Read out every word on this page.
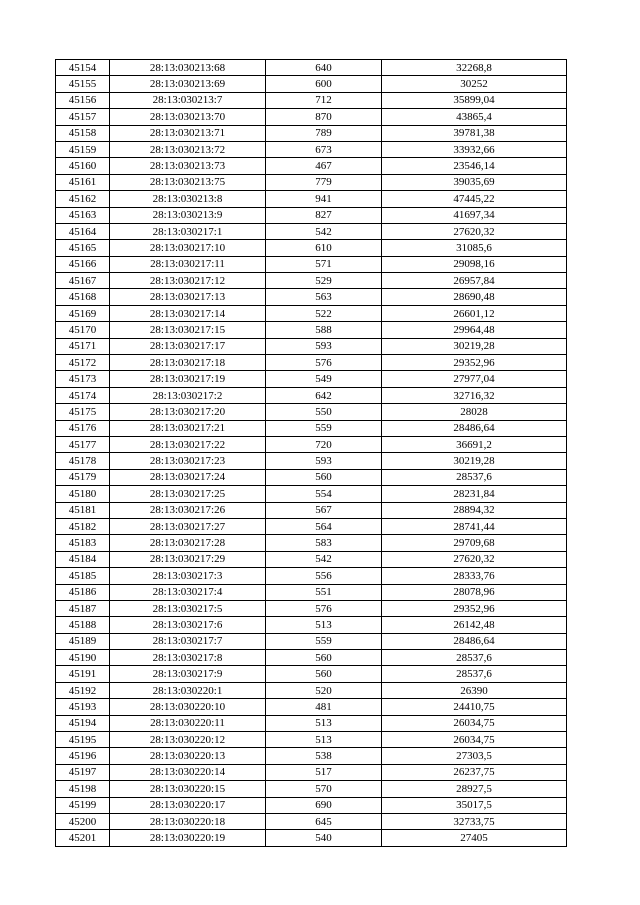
45154	28:13:030213:68	640	32268,8
45155	28:13:030213:69	600	30252
45156	28:13:030213:7	712	35899,04
45157	28:13:030213:70	870	43865,4
45158	28:13:030213:71	789	39781,38
45159	28:13:030213:72	673	33932,66
45160	28:13:030213:73	467	23546,14
45161	28:13:030213:75	779	39035,69
45162	28:13:030213:8	941	47445,22
45163	28:13:030213:9	827	41697,34
45164	28:13:030217:1	542	27620,32
45165	28:13:030217:10	610	31085,6
45166	28:13:030217:11	571	29098,16
45167	28:13:030217:12	529	26957,84
45168	28:13:030217:13	563	28690,48
45169	28:13:030217:14	522	26601,12
45170	28:13:030217:15	588	29964,48
45171	28:13:030217:17	593	30219,28
45172	28:13:030217:18	576	29352,96
45173	28:13:030217:19	549	27977,04
45174	28:13:030217:2	642	32716,32
45175	28:13:030217:20	550	28028
45176	28:13:030217:21	559	28486,64
45177	28:13:030217:22	720	36691,2
45178	28:13:030217:23	593	30219,28
45179	28:13:030217:24	560	28537,6
45180	28:13:030217:25	554	28231,84
45181	28:13:030217:26	567	28894,32
45182	28:13:030217:27	564	28741,44
45183	28:13:030217:28	583	29709,68
45184	28:13:030217:29	542	27620,32
45185	28:13:030217:3	556	28333,76
45186	28:13:030217:4	551	28078,96
45187	28:13:030217:5	576	29352,96
45188	28:13:030217:6	513	26142,48
45189	28:13:030217:7	559	28486,64
45190	28:13:030217:8	560	28537,6
45191	28:13:030217:9	560	28537,6
45192	28:13:030220:1	520	26390
45193	28:13:030220:10	481	24410,75
45194	28:13:030220:11	513	26034,75
45195	28:13:030220:12	513	26034,75
45196	28:13:030220:13	538	27303,5
45197	28:13:030220:14	517	26237,75
45198	28:13:030220:15	570	28927,5
45199	28:13:030220:17	690	35017,5
45200	28:13:030220:18	645	32733,75
45201	28:13:030220:19	540	27405
